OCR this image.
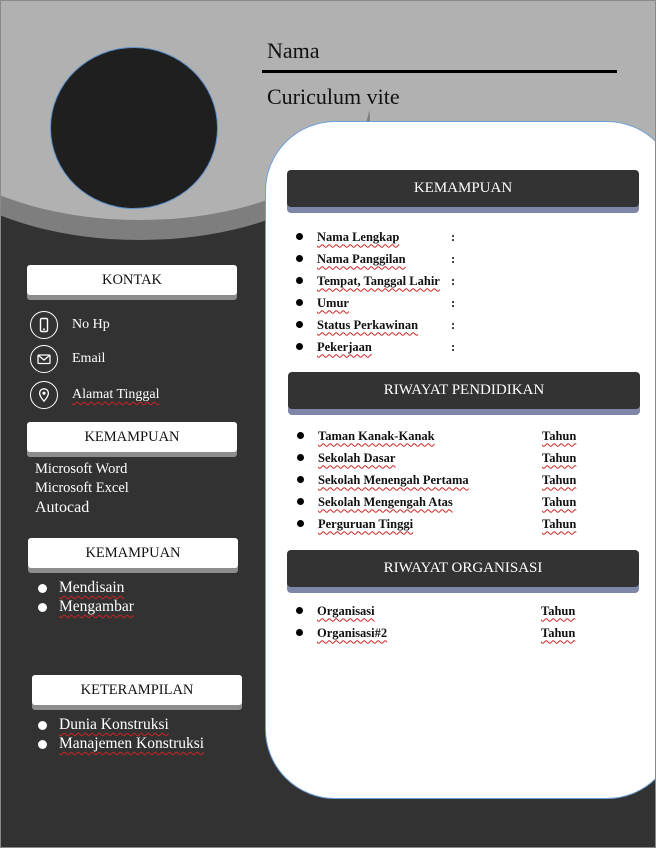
Nama
Curiculum vite
KEMAMPUAN
Nama Lengkap	:
Nama Panggilan	:
Tempat, Tanggal Lahir :
Umur	:
Status Perkawinan	:
Pekerjaan	:
RIWAYAT PENDIDIKAN
Taman Kanak-Kanak	Tahun
Sekolah Dasar	Tahun
Sekolah Menengah Pertama	Tahun
Sekolah Mengengah Atas	Tahun
Perguruan Tinggi	Tahun
RIWAYAT ORGANISASI
Organisasi	Tahun
Organisasi#2	Tahun
KONTAK
No Hp
Email
Alamat Tinggal
KEMAMPUAN
Microsoft Word
Microsoft Excel
Autocad
KEMAMPUAN
Mendisain
Mengambar
KETERAMPILAN
Dunia Konstruksi
Manajemen Konstruksi
